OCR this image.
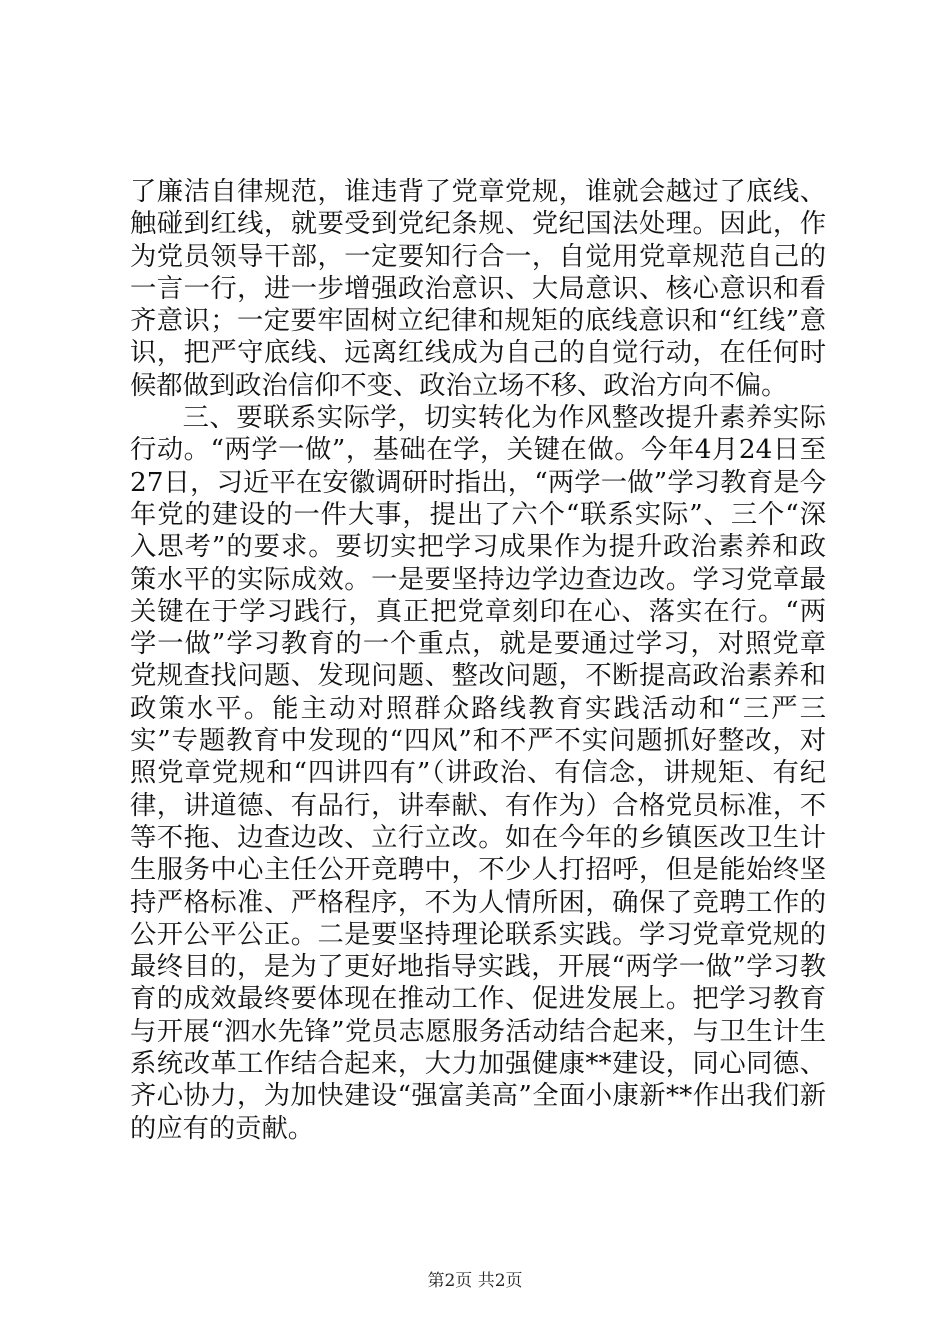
了廉洁自律规范，谁违背了党章党规，谁就会越过了底线、触碰到红线，就要受到党纪条规、党纪国法处理。因此，作为党员领导干部，一定要知行合一，自觉用党章规范自己的一言一行，进一步增强政治意识、大局意识、核心意识和看齐意识；一定要牢固树立纪律和规矩的底线意识和“红线”意识，把严守底线、远离红线成为自己的自觉行动，在任何时候都做到政治信仰不变、政治立场不移、政治方向不偏。

三、要联系实际学，切实转化为作风整改提升素养实际行动。“两学一做”，基础在学，关键在做。今年4月24日至27日，习近平在安徽调研时指出，“两学一做”学习教育是今年党的建设的一件大事，提出了六个“联系实际”、三个“深入思考”的要求。要切实把学习成果作为提升政治素养和政策水平的实际成效。一是要坚持边学边查边改。学习党章最关键在于学习践行，真正把党章刻印在心、落实在行。“两学一做”学习教育的一个重点，就是要通过学习，对照党章党规查找问题、发现问题、整改问题，不断提高政治素养和政策水平。能主动对照群众路线教育实践活动和“三严三实”专题教育中发现的“四风”和不严不实问题抓好整改，对照党章党规和“四讲四有”（讲政治、有信念，讲规矩、有纪律，讲道德、有品行，讲奉献、有作为）合格党员标准，不等不拖、边查边改、立行立改。如在今年的乡镇医改卫生计生服务中心主任公开竞聘中，不少人打招呼，但是能始终坚持严格标准、严格程序，不为人情所困，确保了竞聘工作的公开公平公正。二是要坚持理论联系实践。学习党章党规的最终目的，是为了更好地指导实践，开展“两学一做”学习教育的成效最终要体现在推动工作、促进发展上。把学习教育与开展“泗水先锋”党员志愿服务活动结合起来，与卫生计生系统改革工作结合起来，大力加强健康**建设，同心同德、齐心协力，为加快建设“强富美高”全面小康新**作出我们新的应有的贡献。

第2页 共2页
